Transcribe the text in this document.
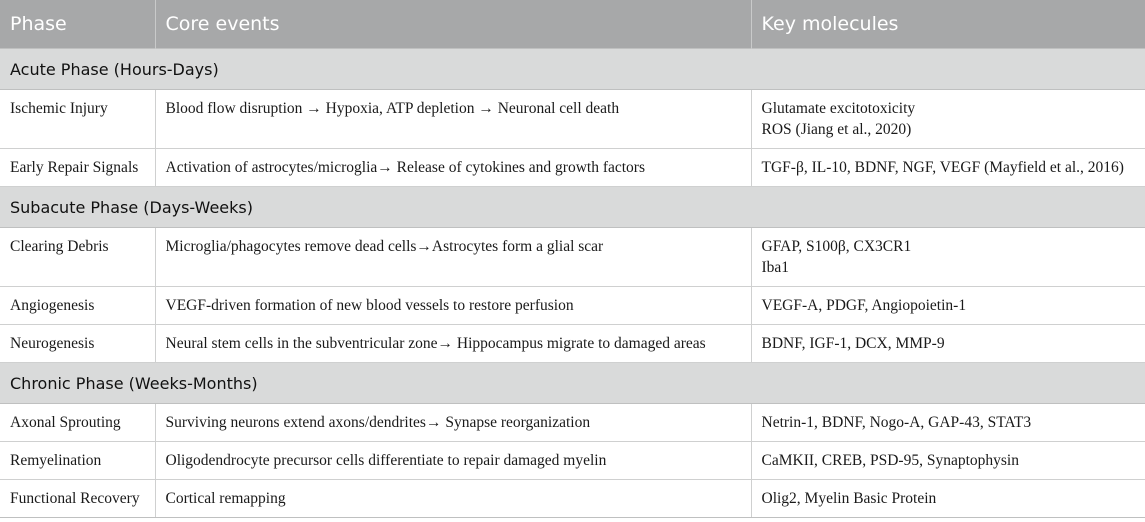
Phase	Core events	Key molecules
Acute Phase (Hours-Days)		
Ischemic Injury	Blood flow disruption → Hypoxia, ATP depletion → Neuronal cell death	Glutamate excitotoxicity
ROS (Jiang et al., 2020)

Early Repair Signals	Activation of astrocytes/microglia→ Release of cytokines and growth factors	TGF-β, IL-10, BDNF, NGF, VEGF (Mayfield et al., 2016)

Subacute Phase (Days-Weeks)		
Clearing Debris	Microglia/phagocytes remove dead cells→Astrocytes form a glial scar	GFAP, S100β, CX3CR1
Iba1

Angiogenesis	VEGF-driven formation of new blood vessels to restore perfusion	VEGF-A, PDGF, Angiopoietin-1

Neurogenesis	Neural stem cells in the subventricular zone→ Hippocampus migrate to damaged areas	BDNF, IGF-1, DCX, MMP-9

Chronic Phase (Weeks-Months)		
Axonal Sprouting	Surviving neurons extend axons/dendrites→ Synapse reorganization	Netrin-1, BDNF, Nogo-A, GAP-43, STAT3

Remyelination	Oligodendrocyte precursor cells differentiate to repair damaged myelin	CaMKII, CREB, PSD-95, Synaptophysin

Functional Recovery	Cortical remapping	Olig2, Myelin Basic Protein
